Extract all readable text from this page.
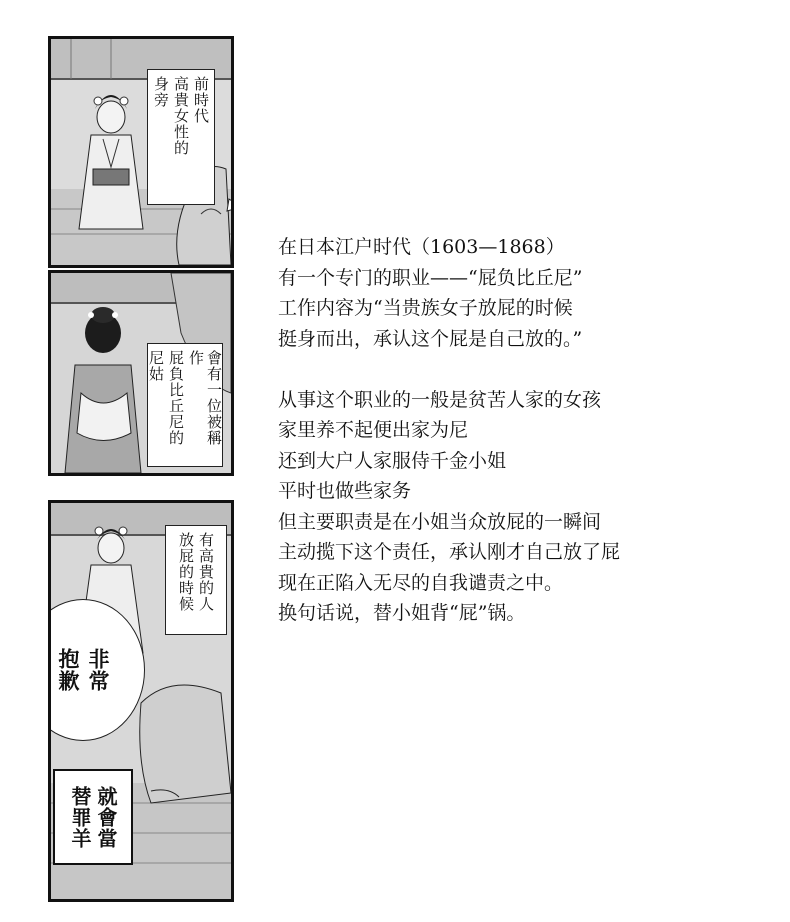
前時代
高貴女性的
身旁
會有一位被稱作
屁負比丘尼的
尼姑
有高貴的人
放屁的時候
非常
抱歉
就會當
替罪羊
在日本江户时代（1603—1868）
有一个专门的职业——“屁负比丘尼”
工作内容为“当贵族女子放屁的时候
挺身而出，承认这个屁是自己放的。”
从事这个职业的一般是贫苦人家的女孩
家里养不起便出家为尼
还到大户人家服侍千金小姐
平时也做些家务
但主要职责是在小姐当众放屁的一瞬间
主动揽下这个责任，承认刚才自己放了屁
现在正陷入无尽的自我谴责之中。
换句话说，替小姐背“屁”锅。
